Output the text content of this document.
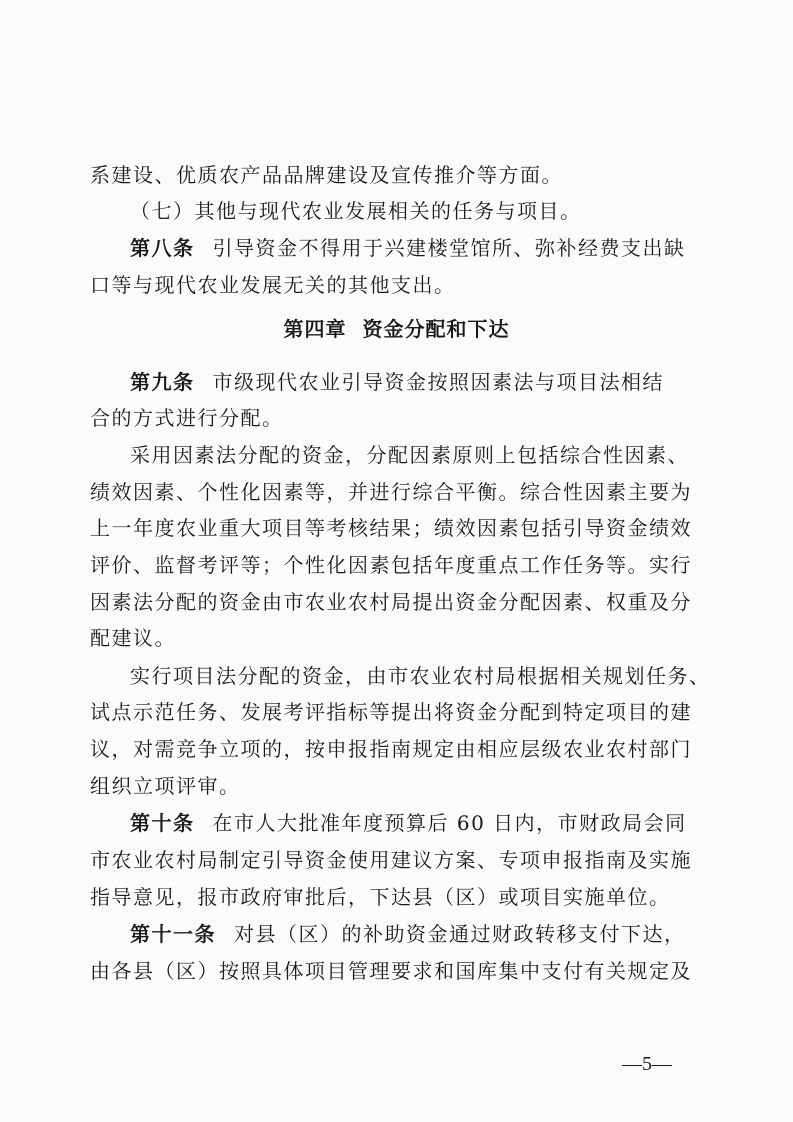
系建设、优质农产品品牌建设及宣传推介等方面。
（七）其他与现代农业发展相关的任务与项目。
第八条 引导资金不得用于兴建楼堂馆所、弥补经费支出缺
口等与现代农业发展无关的其他支出。
第四章 资金分配和下达
第九条 市级现代农业引导资金按照因素法与项目法相结
合的方式进行分配。
采用因素法分配的资金，分配因素原则上包括综合性因素、
绩效因素、个性化因素等，并进行综合平衡。综合性因素主要为
上一年度农业重大项目等考核结果；绩效因素包括引导资金绩效
评价、监督考评等；个性化因素包括年度重点工作任务等。实行
因素法分配的资金由市农业农村局提出资金分配因素、权重及分
配建议。
实行项目法分配的资金，由市农业农村局根据相关规划任务、
试点示范任务、发展考评指标等提出将资金分配到特定项目的建
议，对需竞争立项的，按申报指南规定由相应层级农业农村部门
组织立项评审。
第十条 在市人大批准年度预算后 60 日内，市财政局会同
市农业农村局制定引导资金使用建议方案、专项申报指南及实施
指导意见，报市政府审批后，下达县（区）或项目实施单位。
第十一条 对县（区）的补助资金通过财政转移支付下达，
由各县（区）按照具体项目管理要求和国库集中支付有关规定及
—5—
